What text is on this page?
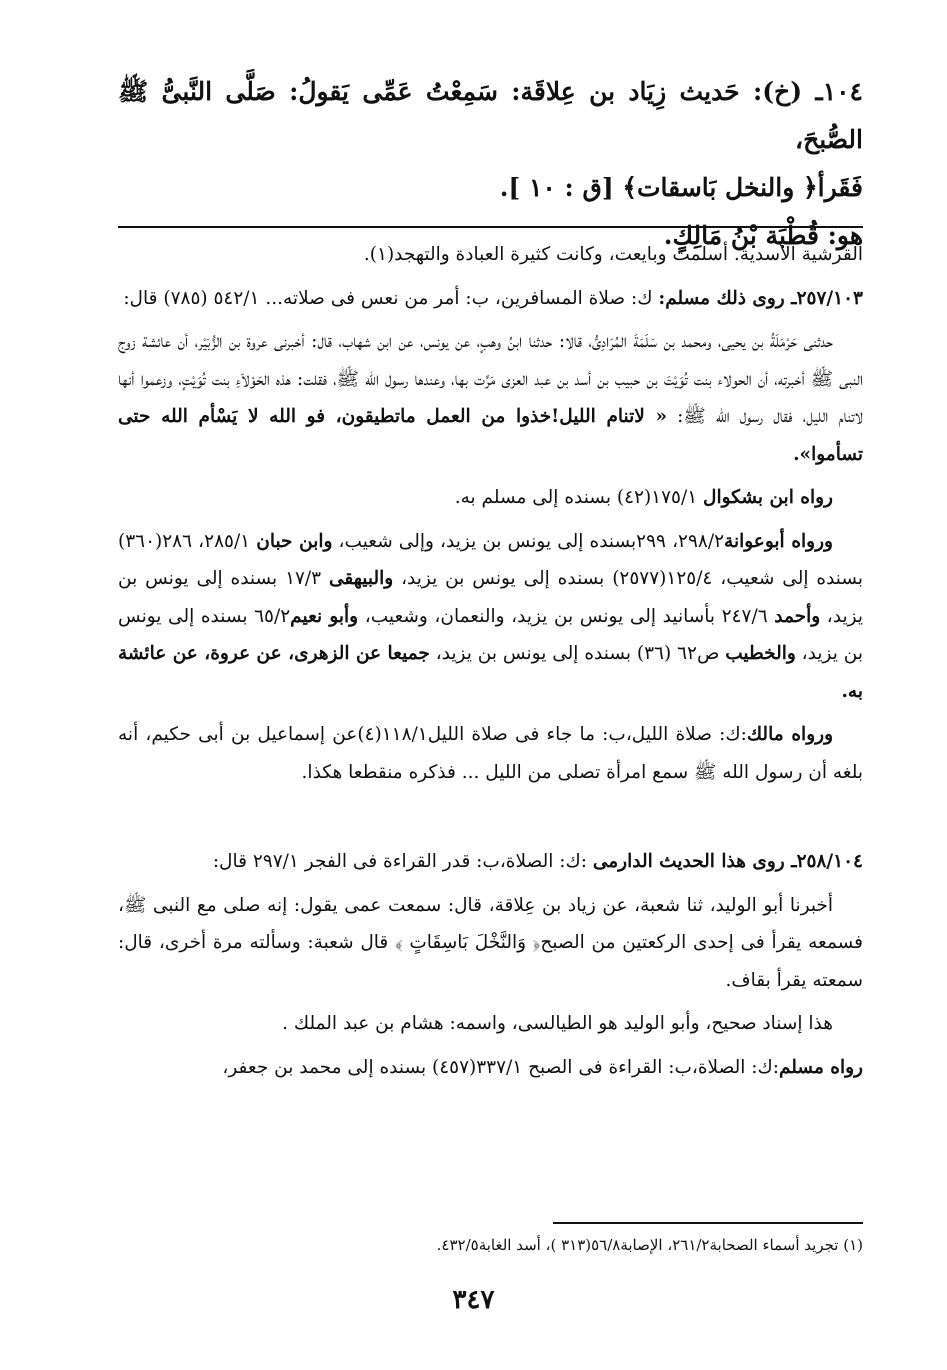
١٠٤ـ (خ): حَديث زِيَاد بن عِلاقَة: سَمِعْتُ عَمِّى يَقولُ: صَلَّى النَّبىُّ ﷺ الصُّبحَ،

فَقَرأ﴿ والنخل بَاسقات﴾ [ق : ١٠ ].

هو: قُطْبَة بْنُ مَالِكٍ.

القرشية الأسدية. أسلمت وبايعت، وكانت كثيرة العبادة والتهجد(١).

٢٥٧/١٠٣ـ روى ذلك مسلم: ك: صلاة المسافرين، ب: أمر من نعس فى صلاته... ٥٤٢/١ (٧٨٥) قال:

حدثنى حَرْمَلَةُ بن يحيى، ومحمد بن سَلَمَةَ المُرَادِىُّ، قالا: حدثنا ابنُ وهبٍ، عن يونس، عن ابن شهاب، قال: أخبرنى عروة بن الزُّبَيْر، أن عائشة زوج النبى ﷺ أخبرته، أن الحولاء بنت تُوَيْتَ بن حبيب بن أسد بن عبد العزى مَرَّت بها، وعندها رسول الله ﷺ، فقلت: هذه الحَوْلاَءِ بنت تُوَيْتٍ، وزعموا أنها لاتنام الليل، فقال رسول الله ﷺ: « لاتنام الليل!خذوا من العمل ماتطيقون، فو الله لا يَسْأم الله حتى تسأموا».

رواه ابن بشكوال ١٧٥/١(٤٢) بسنده إلى مسلم به.

ورواه أبوعوانة٢٩٨/٢، ٢٩٩بسنده إلى يونس بن يزيد، وإلى شعيب، وابن حبان ٢٨٥/١، ٢٨٦(٣٦٠) بسنده إلى شعيب، ١٢٥/٤(٢٥٧٧) بسنده إلى يونس بن يزيد، والبيهقى ١٧/٣ بسنده إلى يونس بن يزيد، وأحمد ٢٤٧/٦ بأسانيد إلى يونس بن يزيد، والنعمان، وشعيب، وأبو نعيم٦٥/٢ بسنده إلى يونس بن يزيد، والخطيب ص٦٢ (٣٦) بسنده إلى يونس بن يزيد، جميعا عن الزهرى، عن عروة، عن عائشة به.

ورواه مالك:ك: صلاة الليل،ب: ما جاء فى صلاة الليل١١٨/١(٤)عن إسماعيل بن أبى حكيم، أنه بلغه أن رسول الله ﷺ سمع امرأة تصلى من الليل ... فذكره منقطعا هكذا.

٢٥٨/١٠٤ـ روى هذا الحديث الدارمى :ك: الصلاة،ب: قدر القراءة فى الفجر ٢٩٧/١ قال:

أخبرنا أبو الوليد، ثنا شعبة، عن زياد بن عِلاقة، قال: سمعت عمى يقول: إنه صلى مع النبى ﷺ، فسمعه يقرأ فى إحدى الركعتين من الصبح﴿ وَالنَّخْلَ بَاسِقَاتٍ ﴾ قال شعبة: وسألته مرة أخرى، قال: سمعته يقرأ بقاف.

هذا إسناد صحيح، وأبو الوليد هو الطيالسى، واسمه: هشام بن عبد الملك .

رواه مسلم:ك: الصلاة،ب: القراءة فى الصبح ٣٣٧/١(٤٥٧) بسنده إلى محمد بن جعفر،

(١) تجريد أسماء الصحابة٢٦١/٢، الإصابة٥٦/٨(٣١٣ )، أسد الغابة٤٣٢/٥.
٣٤٧
